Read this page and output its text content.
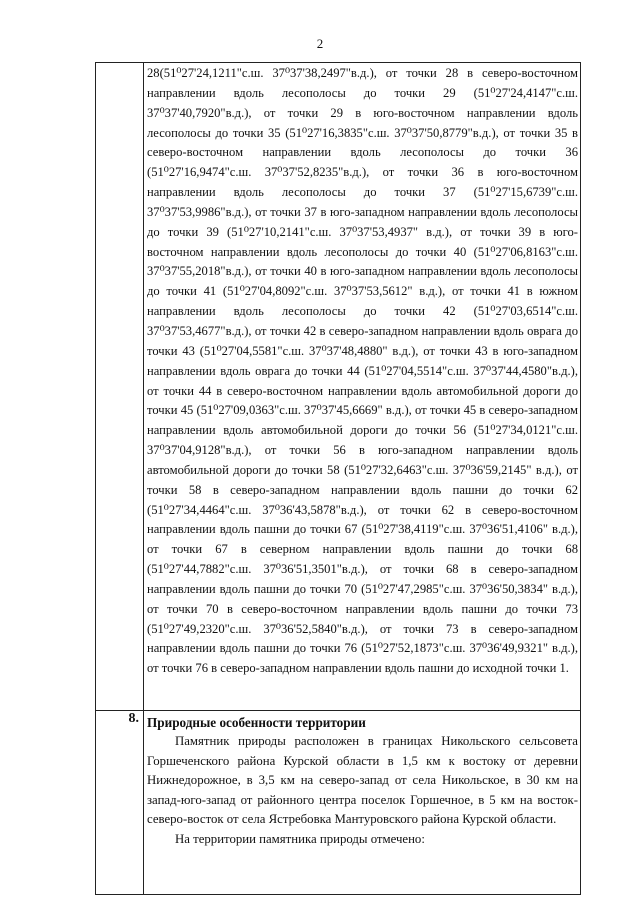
2

	28(51⁰27'24,1211"с.ш. 37⁰37'38,2497"в.д.), от точки 28 в северо-восточном направлении вдоль лесополосы до точки 29 (51⁰27'24,4147"с.ш. 37⁰37'40,7920"в.д.), от точки 29 в юго-восточном направлении вдоль лесополосы до точки 35 (51⁰27'16,3835"с.ш. 37⁰37'50,8779"в.д.), от точки 35 в северо-восточном направлении вдоль лесополосы до точки 36 (51⁰27'16,9474"с.ш. 37⁰37'52,8235"в.д.), от точки 36 в юго-восточном направлении вдоль лесополосы до точки 37 (51⁰27'15,6739"с.ш. 37⁰37'53,9986"в.д.), от точки 37 в юго-западном направлении вдоль лесополосы до точки 39 (51⁰27'10,2141"с.ш. 37⁰37'53,4937" в.д.), от точки 39 в юго-восточном направлении вдоль лесополосы до точки 40 (51⁰27'06,8163"с.ш. 37⁰37'55,2018"в.д.), от точки 40 в юго-западном направлении вдоль лесополосы до точки 41 (51⁰27'04,8092"с.ш. 37⁰37'53,5612" в.д.), от точки 41 в южном направлении вдоль лесополосы до точки 42 (51⁰27'03,6514"с.ш. 37⁰37'53,4677"в.д.), от точки 42 в северо-западном направлении вдоль оврага до точки 43 (51⁰27'04,5581"с.ш. 37⁰37'48,4880" в.д.), от точки 43 в юго-западном направлении вдоль оврага до точки 44 (51⁰27'04,5514"с.ш. 37⁰37'44,4580"в.д.), от точки 44 в северо-восточном направлении вдоль автомобильной дороги до точки 45 (51⁰27'09,0363"с.ш. 37⁰37'45,6669" в.д.), от точки 45 в северо-западном направлении вдоль автомобильной дороги до точки 56 (51⁰27'34,0121"с.ш. 37⁰37'04,9128"в.д.), от точки 56 в юго-западном направлении вдоль автомобильной дороги до точки 58 (51⁰27'32,6463"с.ш. 37⁰36'59,2145" в.д.), от точки 58 в северо-западном направлении вдоль пашни до точки 62 (51⁰27'34,4464"с.ш. 37⁰36'43,5878"в.д.), от точки 62 в северо-восточном направлении вдоль пашни до точки 67 (51⁰27'38,4119"с.ш. 37⁰36'51,4106" в.д.), от точки 67 в северном направлении вдоль пашни до точки 68 (51⁰27'44,7882"с.ш. 37⁰36'51,3501"в.д.), от точки 68 в северо-западном направлении вдоль пашни до точки 70 (51⁰27'47,2985"с.ш. 37⁰36'50,3834" в.д.), от точки 70 в северо-восточном направлении вдоль пашни до точки 73 (51⁰27'49,2320"с.ш. 37⁰36'52,5840"в.д.), от точки 73 в северо-западном направлении вдоль пашни до точки 76 (51⁰27'52,1873"с.ш. 37⁰36'49,9321" в.д.), от точки 76 в северо-западном направлении вдоль пашни до исходной точки 1.

8.	Природные особенности территории

Памятник природы расположен в границах Никольского сельсовета Горшеченского района Курской области в 1,5 км к востоку от деревни Нижнедорожное, в 3,5 км на северо-запад от села Никольское, в 30 км на запад-юго-запад от районного центра поселок Горшечное, в 5 км на восток-северо-восток от села Ястребовка Мантуровского района Курской области.

На территории памятника природы отмечено:
